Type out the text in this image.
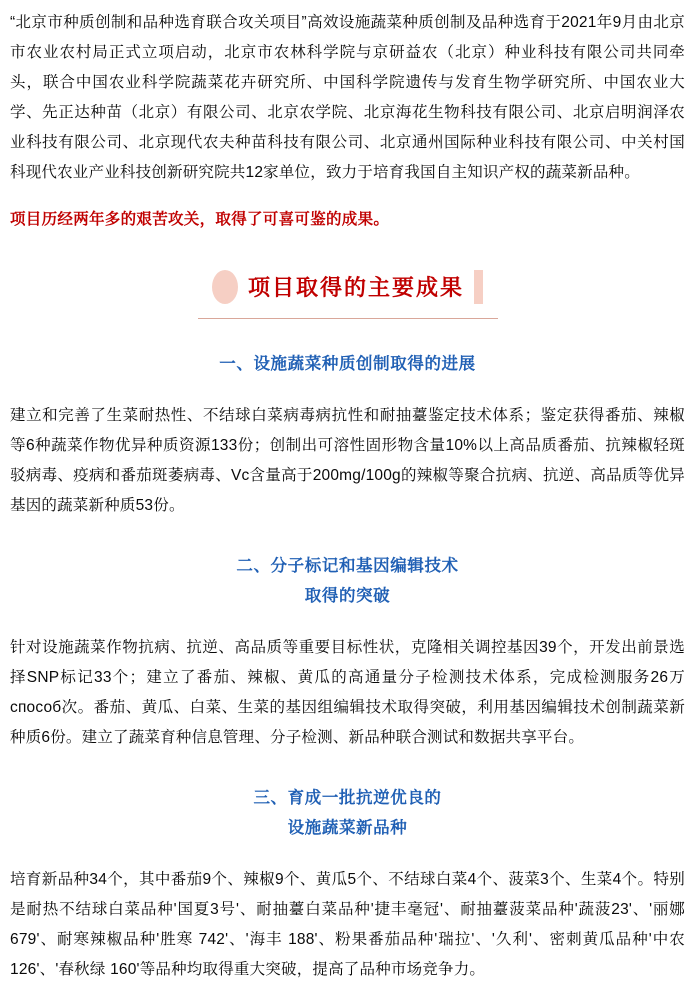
“北京市种质创制和品种选育联合攻关项目”高效设施蔬菜种质创制及品种选育于2021年9月由北京市农业农村局正式立项启动，北京市农林科学院与京研益农（北京）种业科技有限公司共同牵头，联合中国农业科学院蔬菜花卉研究所、中国科学院遗传与发育生物学研究所、中国农业大学、先正达种苗（北京）有限公司、北京农学院、北京海花生物科技有限公司、北京启明润泽农业科技有限公司、北京现代农夫种苗科技有限公司、北京通州国际种业科技有限公司、中关村国科现代农业产业科技创新研究院共12家单位，致力于培育我国自主知识产权的蔬菜新品种。

项目历经两年多的艰苦攻关，取得了可喜可鉴的成果。

项目取得的主要成果
一、设施蔬菜种质创制取得的进展

建立和完善了生菜耐热性、不结球白菜病毒病抗性和耐抽薹鉴定技术体系；鉴定获得番茄、辣椒等6种蔬菜作物优异种质资源133份；创制出可溶性固形物含量10%以上高品质番茄、抗辣椒轻斑驳病毒、疫病和番茄斑萎病毒、Vc含量高于200mg/100g的辣椒等聚合抗病、抗逆、高品质等优异基因的蔬菜新种质53份。

二、分子标记和基因编辑技术
取得的突破

针对设施蔬菜作物抗病、抗逆、高品质等重要目标性状，克隆相关调控基因39个，开发出前景选择SNP标记33个；建立了番茄、辣椒、黄瓜的高通量分子检测技术体系，完成检测服务26万способ次。番茄、黄瓜、白菜、生菜的基因组编辑技术取得突破，利用基因编辑技术创制蔬菜新种质6份。建立了蔬菜育种信息管理、分子检测、新品种联合测试和数据共享平台。

三、育成一批抗逆优良的
设施蔬菜新品种

培育新品种34个，其中番茄9个、辣椒9个、黄瓜5个、不结球白菜4个、菠菜3个、生菜4个。特别是耐热不结球白菜品种'国夏3号'、耐抽薹白菜品种'捷丰毫冠'、耐抽薹菠菜品种'蔬菠23'、'丽娜679'、耐寒辣椒品种'胜寒 742'、'海丰 188'、粉果番茄品种'瑞拉'、'久利'、密刺黄瓜品种'中农 126'、'春秋绿 160'等品种均取得重大突破，提高了品种市场竞争力。
